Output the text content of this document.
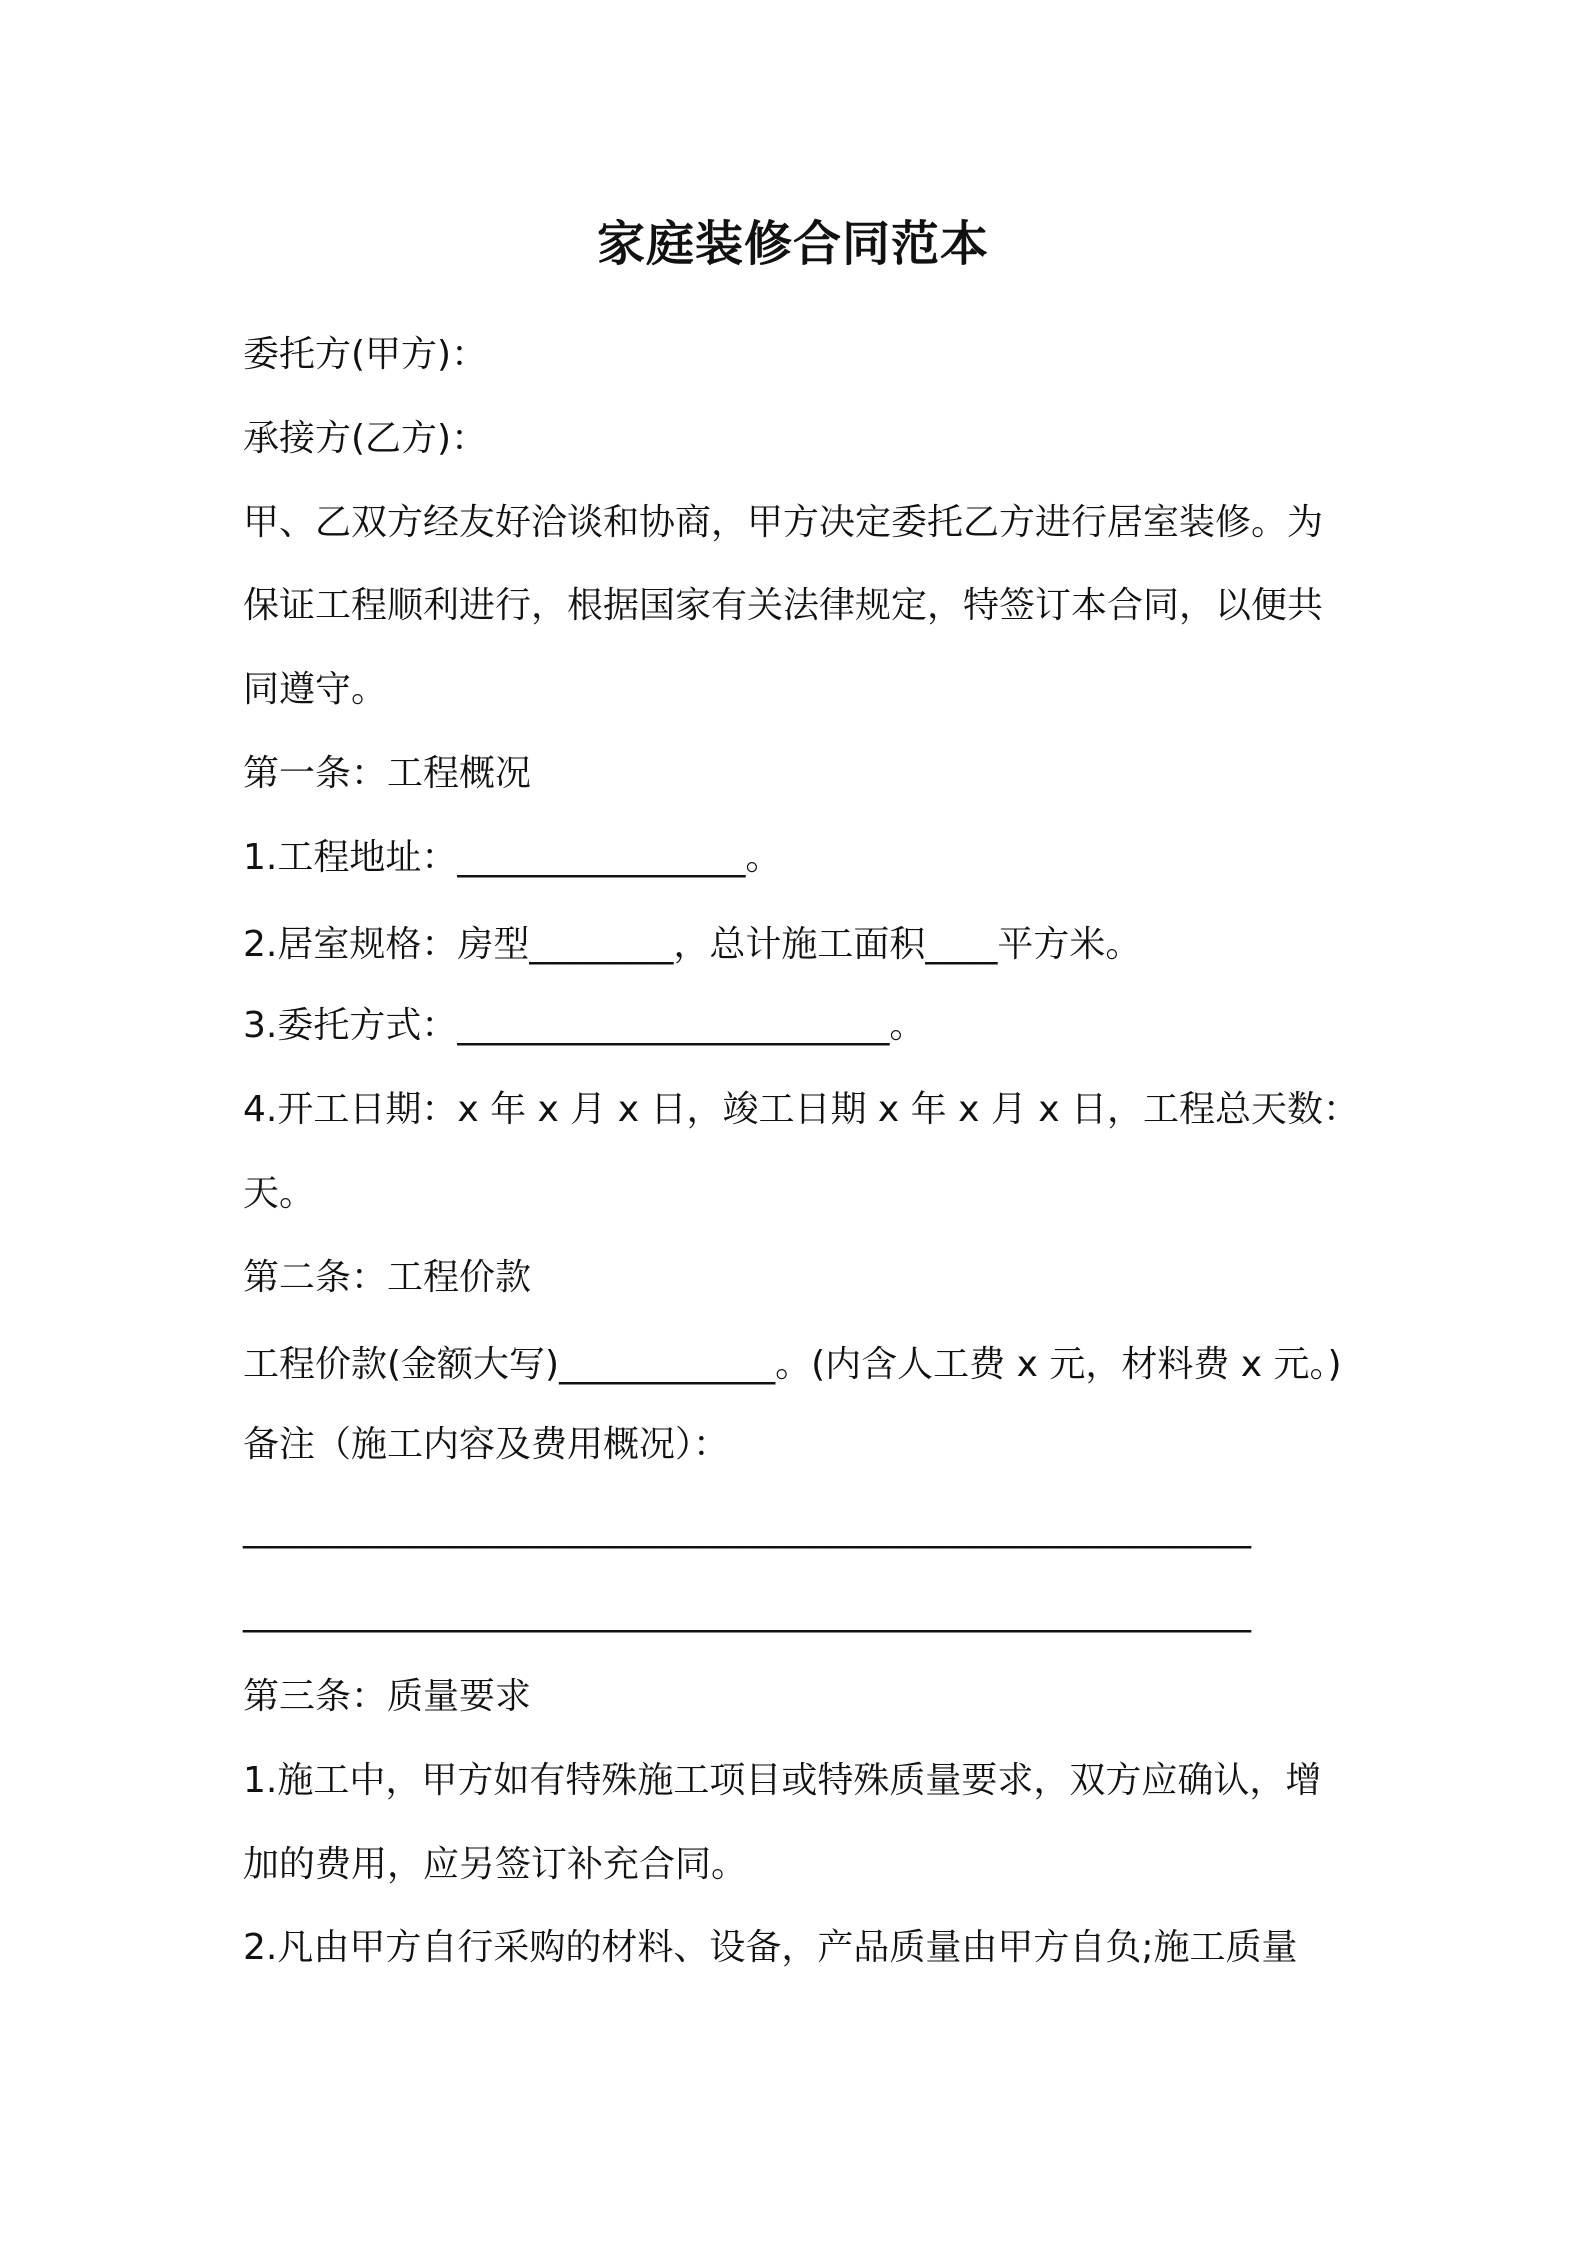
家庭装修合同范本
委托方(甲方)：
承接方(乙方)：
甲、乙双方经友好洽谈和协商，甲方决定委托乙方进行居室装修。为
保证工程顺利进行，根据国家有关法律规定，特签订本合同，以便共
同遵守。
第一条：工程概况
1.工程地址：________________。
2.居室规格：房型________，总计施工面积____平方米。
3.委托方式：________________________。
4.开工日期：x 年 x 月 x 日，竣工日期 x 年 x 月 x 日，工程总天数：
天。
第二条：工程价款
工程价款(金额大写)____________。(内含人工费 x 元，材料费 x 元。)
备注（施工内容及费用概况）：
________________________________________________________
________________________________________________________
第三条：质量要求
1.施工中，甲方如有特殊施工项目或特殊质量要求，双方应确认，增
加的费用，应另签订补充合同。
2.凡由甲方自行采购的材料、设备，产品质量由甲方自负;施工质量
